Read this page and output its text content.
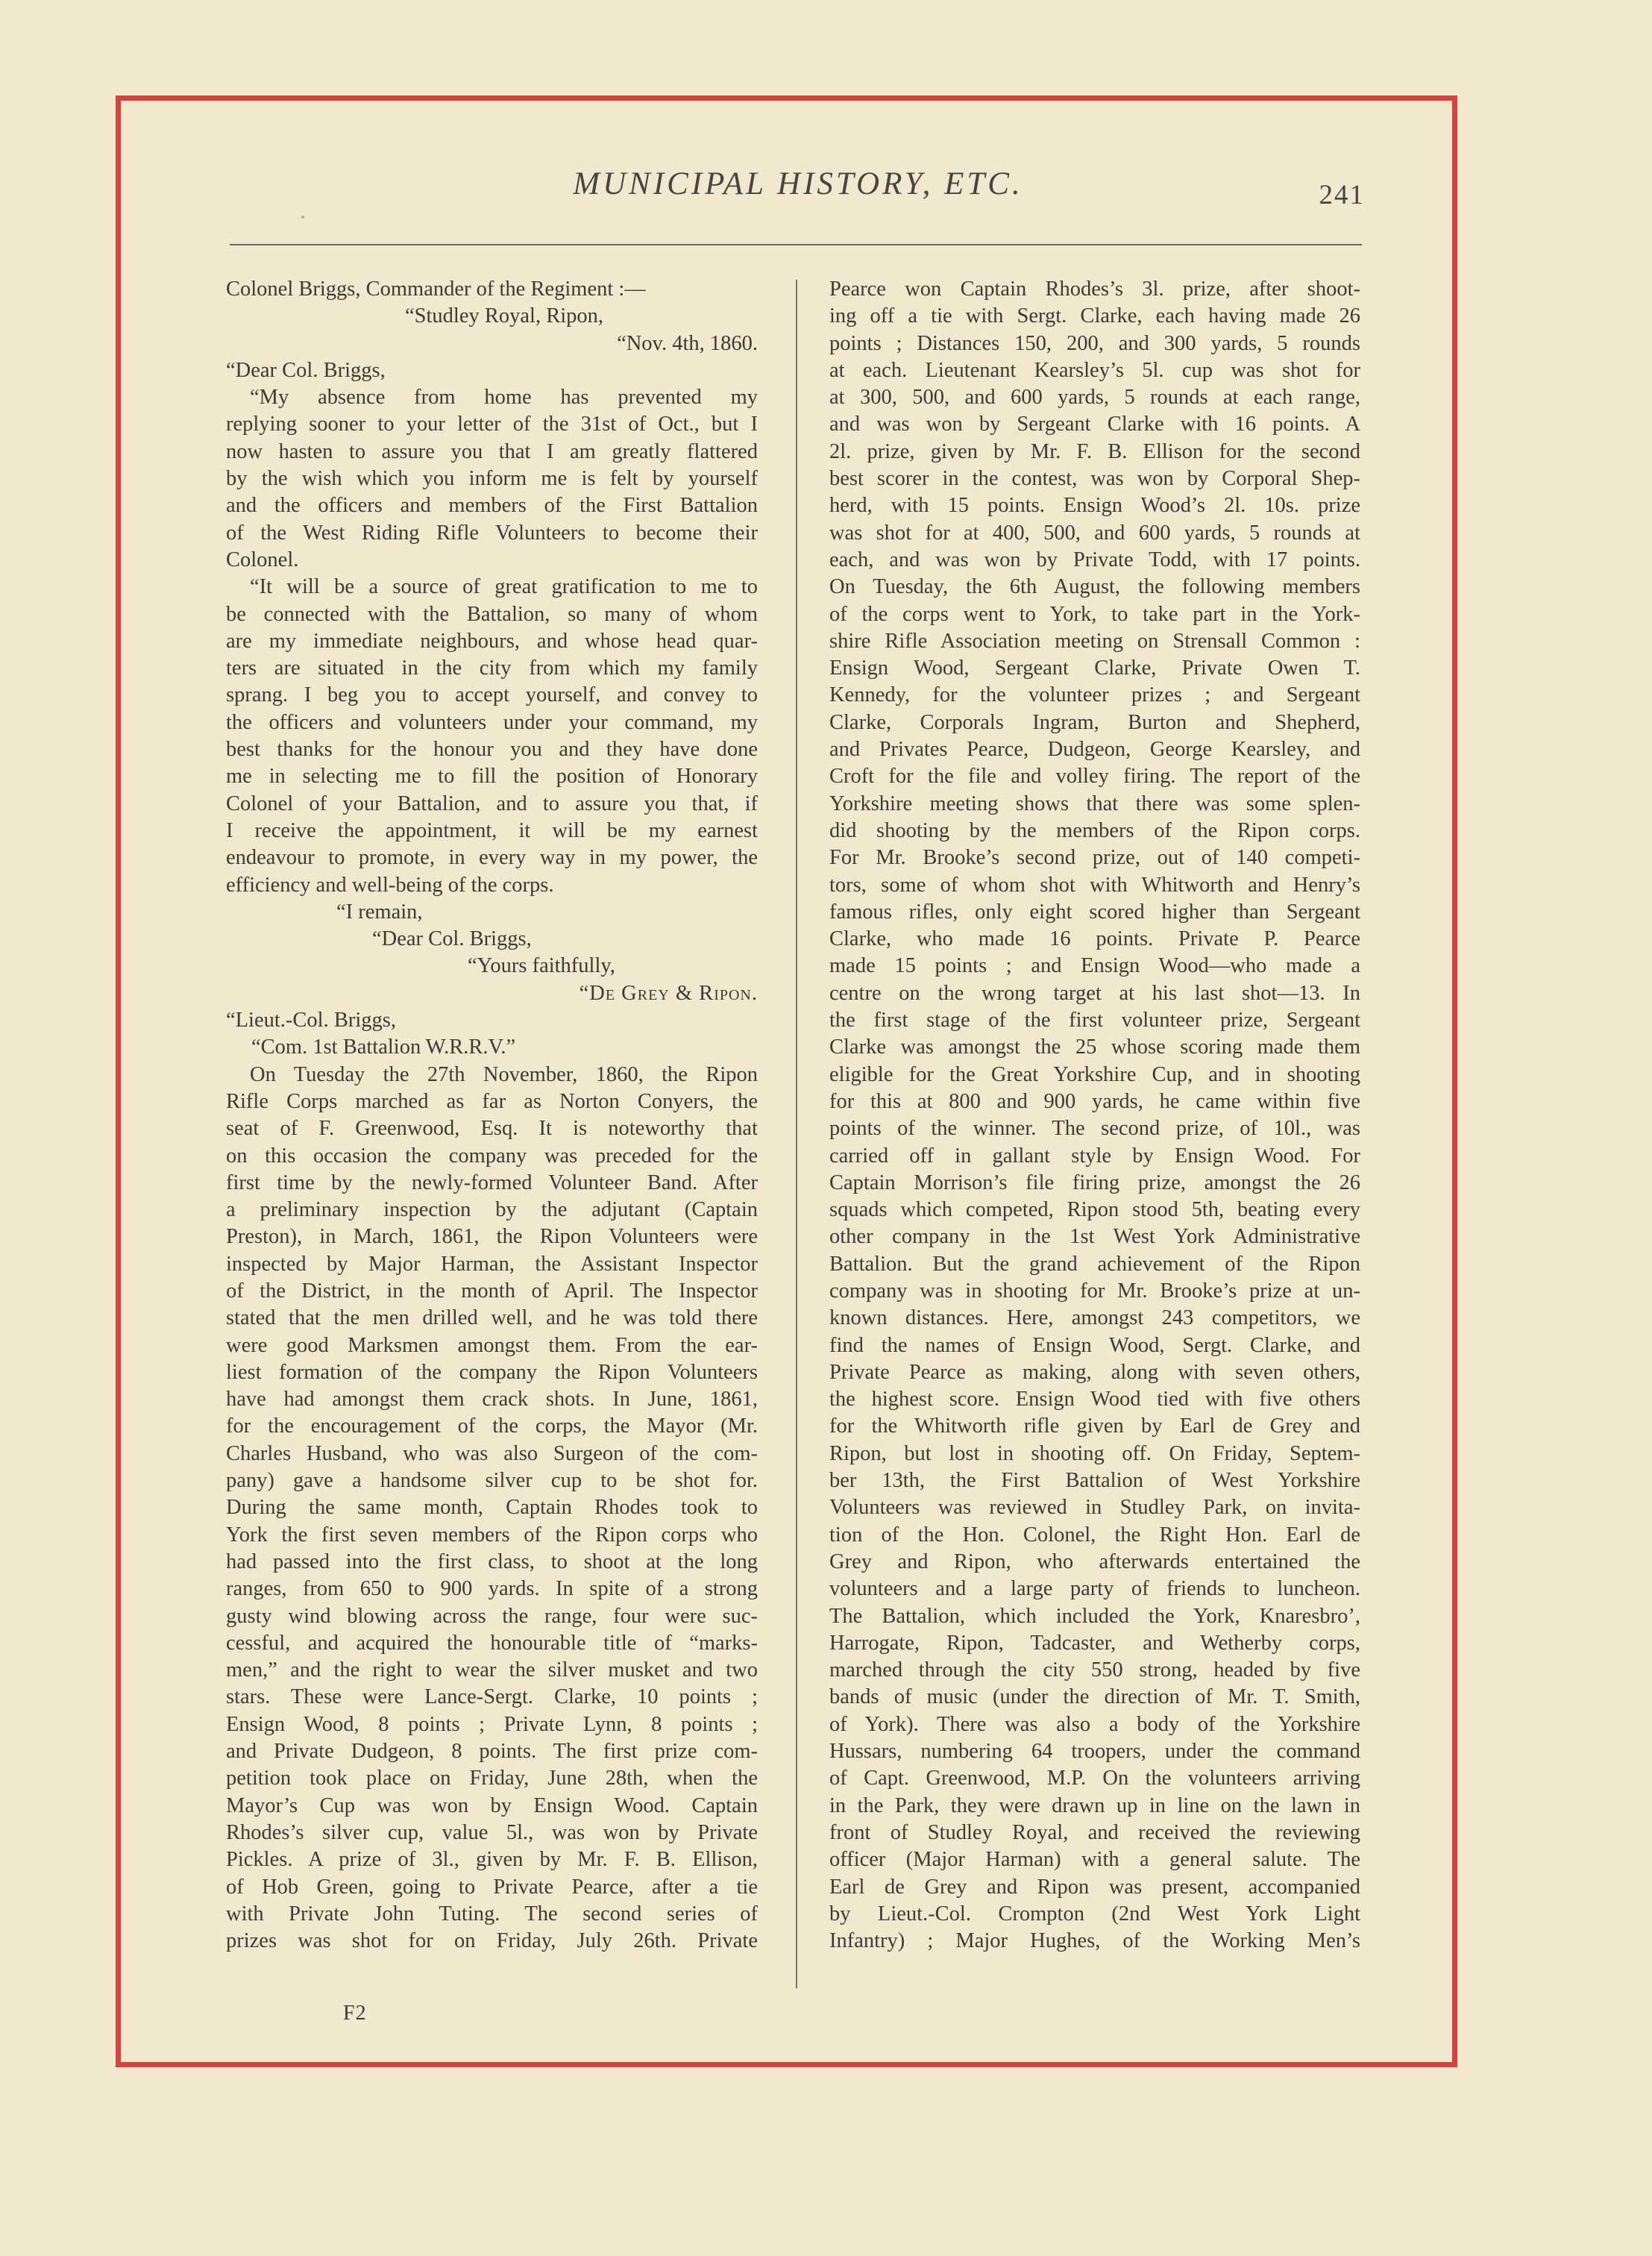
MUNICIPAL HISTORY, ETC.	241

Colonel Briggs, Commander of the Regiment :—

“Studley Royal, Ripon,

“Nov. 4th, 1860.

“Dear Col. Briggs,

“My absence from home has prevented my

replying sooner to your letter of the 31st of Oct., but I

now hasten to assure you that I am greatly flattered

by the wish which you inform me is felt by yourself

and the officers and members of the First Battalion

of the West Riding Rifle Volunteers to become their

Colonel.

“It will be a source of great gratification to me to

be connected with the Battalion, so many of whom

are my immediate neighbours, and whose head quar-

ters are situated in the city from which my family

sprang. I beg you to accept yourself, and convey to

the officers and volunteers under your command, my

best thanks for the honour you and they have done

me in selecting me to fill the position of Honorary

Colonel of your Battalion, and to assure you that, if

I receive the appointment, it will be my earnest

endeavour to promote, in every way in my power, the

efficiency and well-being of the corps.

“I remain,

“Dear Col. Briggs,

“Yours faithfully,

“De Grey & Ripon.

“Lieut.-Col. Briggs,

“Com. 1st Battalion W.R.R.V.”

On Tuesday the 27th November, 1860, the Ripon

Rifle Corps marched as far as Norton Conyers, the

seat of F. Greenwood, Esq. It is noteworthy that

on this occasion the company was preceded for the

first time by the newly-formed Volunteer Band. After

a preliminary inspection by the adjutant (Captain

Preston), in March, 1861, the Ripon Volunteers were

inspected by Major Harman, the Assistant Inspector

of the District, in the month of April. The Inspector

stated that the men drilled well, and he was told there

were good Marksmen amongst them. From the ear-

liest formation of the company the Ripon Volunteers

have had amongst them crack shots. In June, 1861,

for the encouragement of the corps, the Mayor (Mr.

Charles Husband, who was also Surgeon of the com-

pany) gave a handsome silver cup to be shot for.

During the same month, Captain Rhodes took to

York the first seven members of the Ripon corps who

had passed into the first class, to shoot at the long

ranges, from 650 to 900 yards. In spite of a strong

gusty wind blowing across the range, four were suc-

cessful, and acquired the honourable title of “marks-

men,” and the right to wear the silver musket and two

stars. These were Lance-Sergt. Clarke, 10 points ;

Ensign Wood, 8 points ; Private Lynn, 8 points ;

and Private Dudgeon, 8 points. The first prize com-

petition took place on Friday, June 28th, when the

Mayor’s Cup was won by Ensign Wood. Captain

Rhodes’s silver cup, value 5l., was won by Private

Pickles. A prize of 3l., given by Mr. F. B. Ellison,

of Hob Green, going to Private Pearce, after a tie

with Private John Tuting. The second series of

prizes was shot for on Friday, July 26th. Private

Pearce won Captain Rhodes’s 3l. prize, after shoot-

ing off a tie with Sergt. Clarke, each having made 26

points ; Distances 150, 200, and 300 yards, 5 rounds

at each. Lieutenant Kearsley’s 5l. cup was shot for

at 300, 500, and 600 yards, 5 rounds at each range,

and was won by Sergeant Clarke with 16 points. A

2l. prize, given by Mr. F. B. Ellison for the second

best scorer in the contest, was won by Corporal Shep-

herd, with 15 points. Ensign Wood’s 2l. 10s. prize

was shot for at 400, 500, and 600 yards, 5 rounds at

each, and was won by Private Todd, with 17 points.

On Tuesday, the 6th August, the following members

of the corps went to York, to take part in the York-

shire Rifle Association meeting on Strensall Common :

Ensign Wood, Sergeant Clarke, Private Owen T.

Kennedy, for the volunteer prizes ; and Sergeant

Clarke, Corporals Ingram, Burton and Shepherd,

and Privates Pearce, Dudgeon, George Kearsley, and

Croft for the file and volley firing. The report of the

Yorkshire meeting shows that there was some splen-

did shooting by the members of the Ripon corps.

For Mr. Brooke’s second prize, out of 140 competi-

tors, some of whom shot with Whitworth and Henry’s

famous rifles, only eight scored higher than Sergeant

Clarke, who made 16 points. Private P. Pearce

made 15 points ; and Ensign Wood—who made a

centre on the wrong target at his last shot—13. In

the first stage of the first volunteer prize, Sergeant

Clarke was amongst the 25 whose scoring made them

eligible for the Great Yorkshire Cup, and in shooting

for this at 800 and 900 yards, he came within five

points of the winner. The second prize, of 10l., was

carried off in gallant style by Ensign Wood. For

Captain Morrison’s file firing prize, amongst the 26

squads which competed, Ripon stood 5th, beating every

other company in the 1st West York Administrative

Battalion. But the grand achievement of the Ripon

company was in shooting for Mr. Brooke’s prize at un-

known distances. Here, amongst 243 competitors, we

find the names of Ensign Wood, Sergt. Clarke, and

Private Pearce as making, along with seven others,

the highest score. Ensign Wood tied with five others

for the Whitworth rifle given by Earl de Grey and

Ripon, but lost in shooting off. On Friday, Septem-

ber 13th, the First Battalion of West Yorkshire

Volunteers was reviewed in Studley Park, on invita-

tion of the Hon. Colonel, the Right Hon. Earl de

Grey and Ripon, who afterwards entertained the

volunteers and a large party of friends to luncheon.

The Battalion, which included the York, Knaresbro’,

Harrogate, Ripon, Tadcaster, and Wetherby corps,

marched through the city 550 strong, headed by five

bands of music (under the direction of Mr. T. Smith,

of York). There was also a body of the Yorkshire

Hussars, numbering 64 troopers, under the command

of Capt. Greenwood, M.P. On the volunteers arriving

in the Park, they were drawn up in line on the lawn in

front of Studley Royal, and received the reviewing

officer (Major Harman) with a general salute. The

Earl de Grey and Ripon was present, accompanied

by Lieut.-Col. Crompton (2nd West York Light

Infantry) ; Major Hughes, of the Working Men’s

F2
